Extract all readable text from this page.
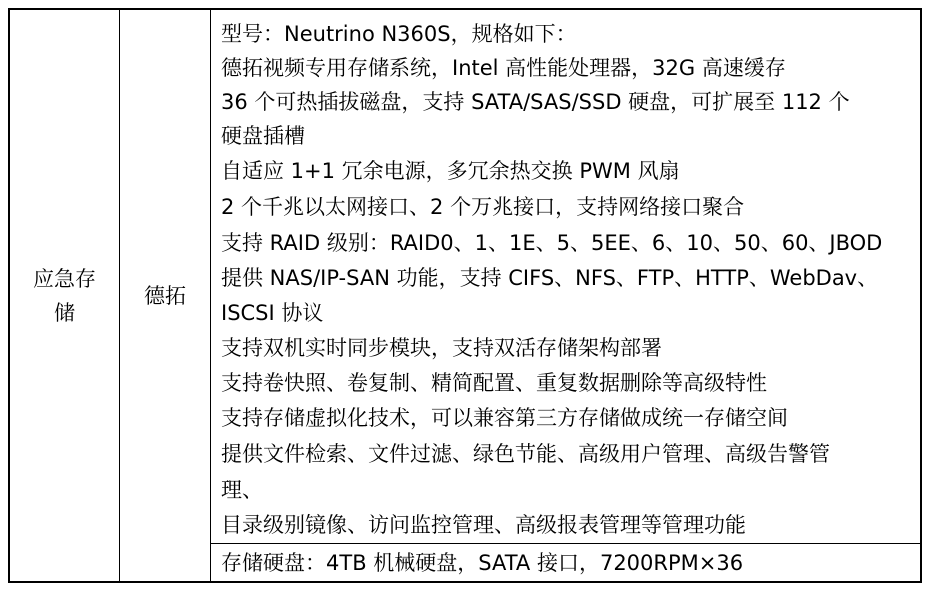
应急存
储
德拓
型号：Neutrino N360S，规格如下：
德拓视频专用存储系统，Intel 高性能处理器，32G 高速缓存
36 个可热插拔磁盘，支持 SATA/SAS/SSD 硬盘，可扩展至 112 个
硬盘插槽
自适应 1+1 冗余电源，多冗余热交换 PWM 风扇
2 个千兆以太网接口、2 个万兆接口，支持网络接口聚合
支持 RAID 级别：RAID0、1、1E、5、5EE、6、10、50、60、JBOD
提供 NAS/IP-SAN 功能，支持 CIFS、NFS、FTP、HTTP、WebDav、
ISCSI 协议
支持双机实时同步模块，支持双活存储架构部署
支持卷快照、卷复制、精简配置、重复数据删除等高级特性
支持存储虚拟化技术，可以兼容第三方存储做成统一存储空间
提供文件检索、文件过滤、绿色节能、高级用户管理、高级告警管
理、
目录级别镜像、访问监控管理、高级报表管理等管理功能
存储硬盘：4TB 机械硬盘，SATA 接口，7200RPM×36
